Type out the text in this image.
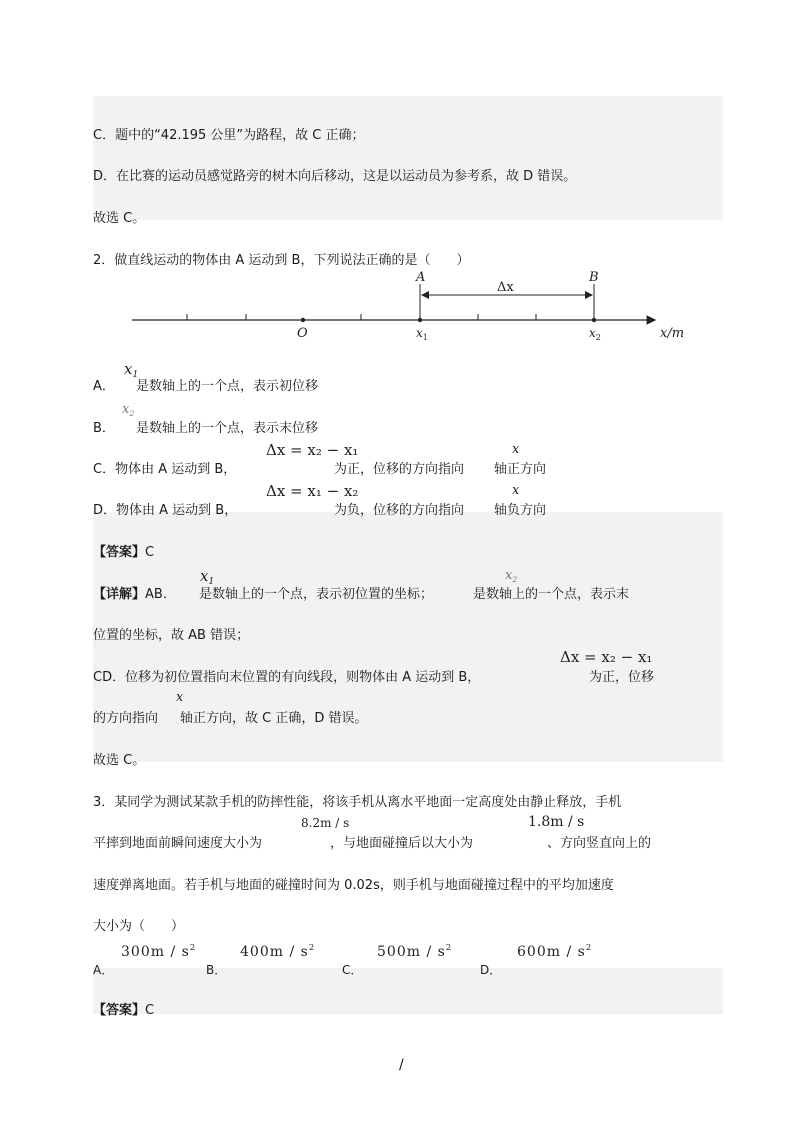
C．题中的“42.195 公里”为路程，故 C 正确；
D．在比赛的运动员感觉路旁的树木向后移动，这是以运动员为参考系，故 D 错误。
故选 C。
2．做直线运动的物体由 A 运动到 B，下列说法正确的是（　　）
A	B
Δx
O	$x_1$	$x_2$	x/m
$x_1$
A． 是数轴上的一个点，表示初位移
$x_2$
B． 是数轴上的一个点，表示末位移
Δx = x₂ − x₁	x
C．物体由 A 运动到 B，	为正，位移的方向指向 轴正方向
Δx = x₁ − x₂	x
D．物体由 A 运动到 B，	为负，位移的方向指向 轴负方向
【答案】C
$x_1$	$x_2$
【详解】AB． 是数轴上的一个点，表示初位置的坐标；	是数轴上的一个点，表示末
位置的坐标，故 AB 错误；
Δx = x₂ − x₁
CD．位移为初位置指向末位置的有向线段，则物体由 A 运动到 B，	为正，位移
x
的方向指向 轴正方向，故 C 正确，D 错误。
故选 C。
3．某同学为测试某款手机的防摔性能，将该手机从离水平地面一定高度处由静止释放，手机
8.2m / s	1.8m / s
平摔到地面前瞬间速度大小为	，与地面碰撞后以大小为	、方向竖直向上的
速度弹离地面。若手机与地面的碰撞时间为 0.02s，则手机与地面碰撞过程中的平均加速度
大小为（　　）
$300m / s^2$	$400m / s^2$	$500m / s^2$	$600m / s^2$
A．	B．	C．	D．
【答案】C
/
